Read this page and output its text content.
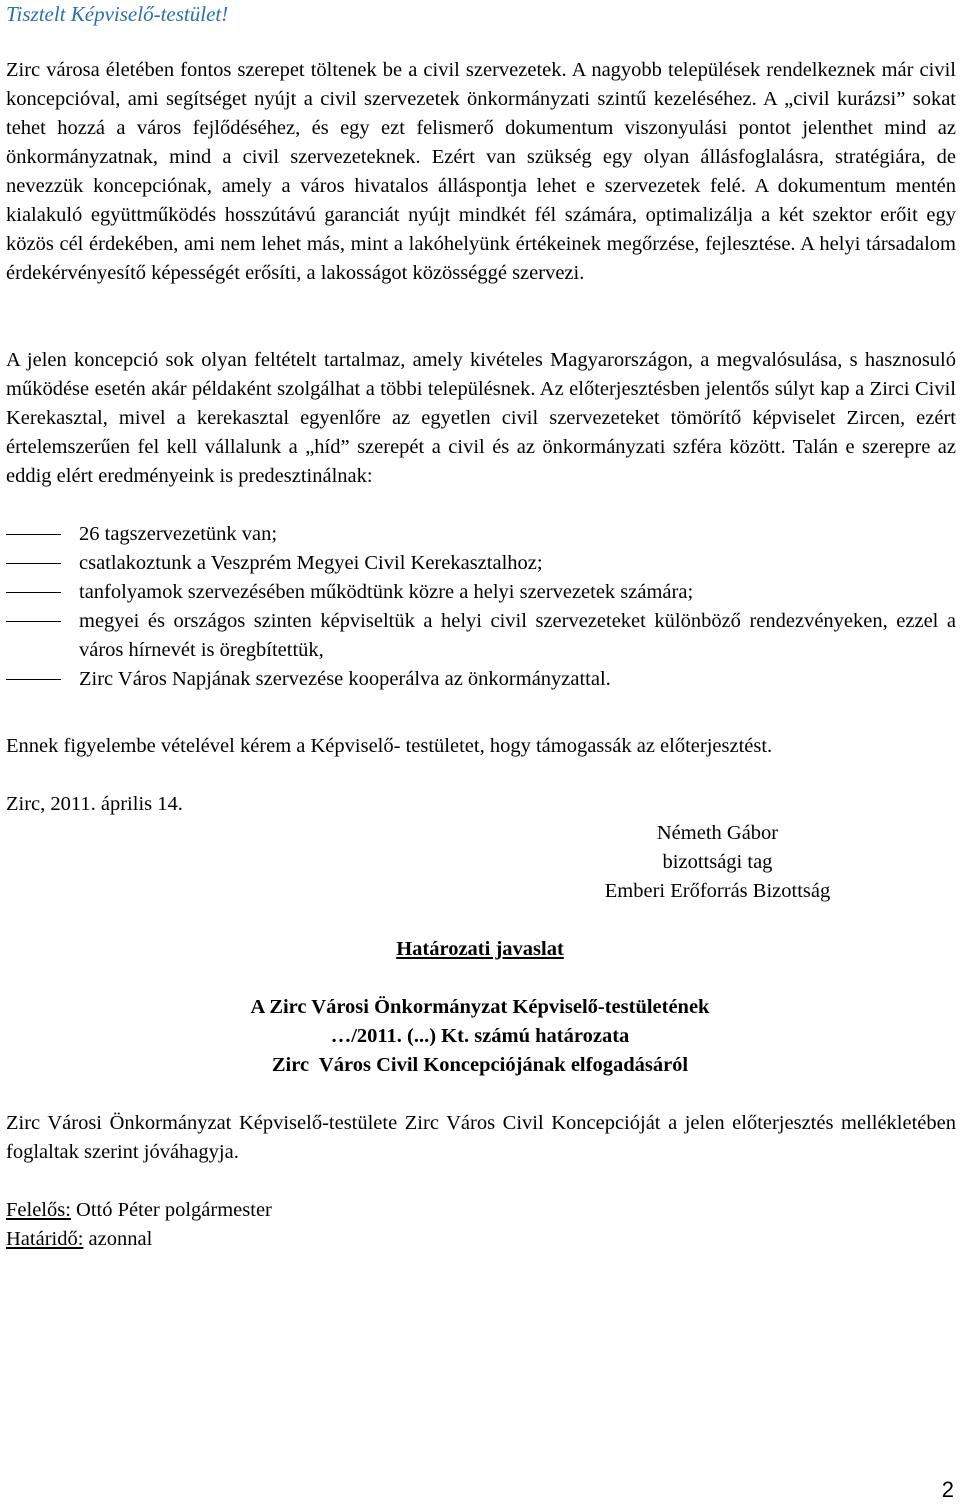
Tisztelt Képviselő-testület!

Zirc városa életében fontos szerepet töltenek be a civil szervezetek. A nagyobb települések rendelkeznek már civil koncepcióval, ami segítséget nyújt a civil szervezetek önkormányzati szintű kezeléséhez. A „civil kurázsi” sokat tehet hozzá a város fejlődéséhez, és egy ezt felismerő dokumentum viszonyulási pontot jelenthet mind az önkormányzatnak, mind a civil szervezeteknek. Ezért van szükség egy olyan állásfoglalásra, stratégiára, de nevezzük koncepciónak, amely a város hivatalos álláspontja lehet e szervezetek felé. A dokumentum mentén kialakuló együttműködés hosszútávú garanciát nyújt mindkét fél számára, optimalizálja a két szektor erőit egy közös cél érdekében, ami nem lehet más, mint a lakóhelyünk értékeinek megőrzése, fejlesztése. A helyi társadalom érdekérvényesítő képességét erősíti, a lakosságot közösséggé szervezi.

A jelen koncepció sok olyan feltételt tartalmaz, amely kivételes Magyarországon, a megvalósulása, s hasznosuló működése esetén akár példaként szolgálhat a többi településnek. Az előterjesztésben jelentős súlyt kap a Zirci Civil Kerekasztal, mivel a kerekasztal egyenlőre az egyetlen civil szervezeteket tömörítő képviselet Zircen, ezért értelemszerűen fel kell vállalunk a „híd” szerepét a civil és az önkormányzati szféra között. Talán e szerepre az eddig elért eredményeink is predesztinálnak:

26 tagszervezetünk van;
csatlakoztunk a Veszprém Megyei Civil Kerekasztalhoz;
tanfolyamok szervezésében működtünk közre a helyi szervezetek számára;
megyei és országos szinten képviseltük a helyi civil szervezeteket különböző rendezvényeken, ezzel a város hírnevét is öregbítettük,
Zirc Város Napjának szervezése kooperálva az önkormányzattal.
Ennek figyelembe vételével kérem a Képviselő- testületet, hogy támogassák az előterjesztést.
Zirc, 2011. április 14.
Németh Gábor
bizottsági tag
Emberi Erőforrás Bizottság
Határozati javaslat
A Zirc Városi Önkormányzat Képviselő-testületének
…/2011. (...) Kt. számú határozata
Zirc  Város Civil Koncepciójának elfogadásáról
Zirc Városi Önkormányzat Képviselő-testülete Zirc Város Civil Koncepcióját a jelen előterjesztés mellékletében foglaltak szerint jóváhagyja.
Felelős: Ottó Péter polgármester
Határidő: azonnal
2
